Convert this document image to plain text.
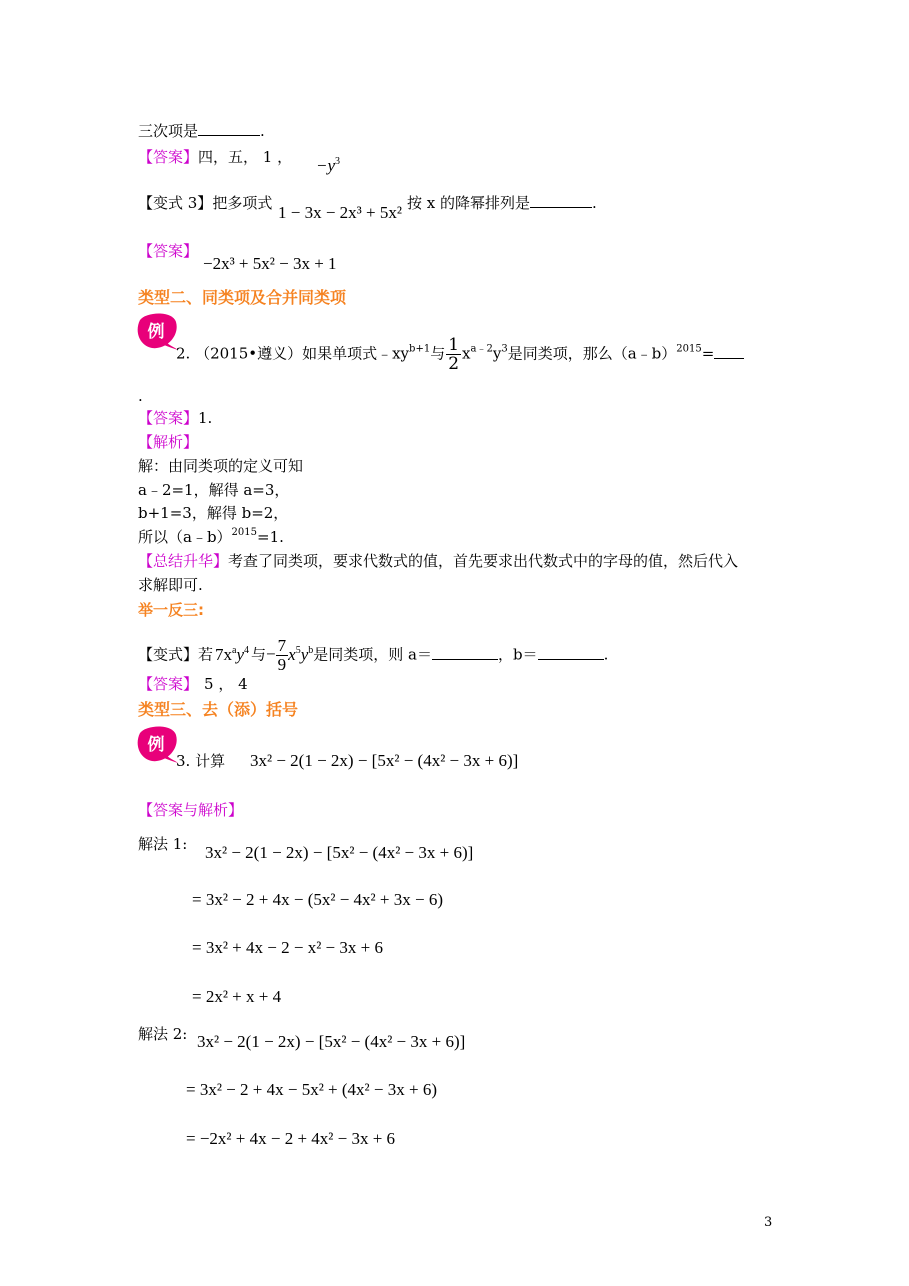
三次项是	.
【答案】四，五， 1 ， $-y^3$
【变式 3】把多项式 1 − 3x − 2x³ + 5x² 按 x 的降幂排列是	.
【答案】
−2x³ + 5x² − 3x + 1
类型二、同类项及合并同类项
例
2. （2015•遵义）如果单项式$﹣xy^{b+1}$与 $\frac{1}{2} x^{a﹣2}y^3$是同类项，那么（a﹣b）$^{2015}$=
.
【答案】1.
【解析】
解：由同类项的定义可知
a﹣2=1，解得 a=3，
b+1=3，解得 b=2，
所以（a﹣b）$^{2015}$=1.
【总结升华】考查了同类项，要求代数式的值，首先要求出代数式中的字母的值，然后代入
求解即可.
举一反三:
【变式】若 $7x^ay^4$ 与− $\frac{7}{9} x^5y^b$是同类项，则 a＝	，b＝	.
【答案】 5 ， 4
类型三、去（添）括号
例
3. 计算 3x² − 2(1 − 2x) − [5x² − (4x² − 3x + 6)]
【答案与解析】
解法 1: 3x² − 2(1 − 2x) − [5x² − (4x² − 3x + 6)]
= 3x² − 2 + 4x − (5x² − 4x² + 3x − 6)
= 3x² + 4x − 2 − x² − 3x + 6
= 2x² + x + 4
解法 2: 3x² − 2(1 − 2x) − [5x² − (4x² − 3x + 6)]
= 3x² − 2 + 4x − 5x² + (4x² − 3x + 6)
= −2x² + 4x − 2 + 4x² − 3x + 6
3
